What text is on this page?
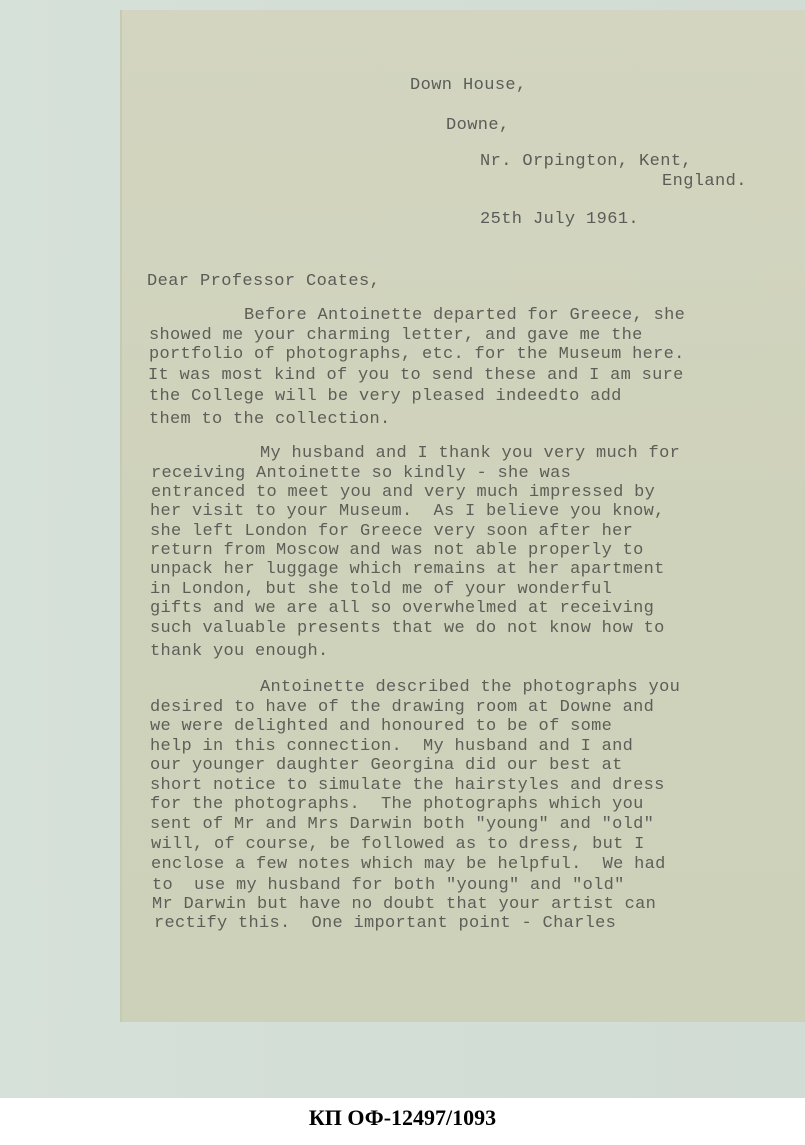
Down House,

Downe,

Nr. Orpington, Kent,

England.

25th July 1961.

Dear Professor Coates,

Before Antoinette departed for Greece, she

showed me your charming letter, and gave me the

portfolio of photographs, etc. for the Museum here.

It was most kind of you to send these and I am sure

the College will be very pleased indeedto add

them to the collection.

My husband and I thank you very much for

receiving Antoinette so kindly - she was

entranced to meet you and very much impressed by

her visit to your Museum.  As I believe you know,

she left London for Greece very soon after her

return from Moscow and was not able properly to

unpack her luggage which remains at her apartment

in London, but she told me of your wonderful

gifts and we are all so overwhelmed at receiving

such valuable presents that we do not know how to

thank you enough.

Antoinette described the photographs you

desired to have of the drawing room at Downe and

we were delighted and honoured to be of some

help in this connection.  My husband and I and

our younger daughter Georgina did our best at

short notice to simulate the hairstyles and dress

for the photographs.  The photographs which you

sent of Mr and Mrs Darwin both "young" and "old"

will, of course, be followed as to dress, but I

enclose a few notes which may be helpful.  We had

to  use my husband for both "young" and "old"

Mr Darwin but have no doubt that your artist can

rectify this.  One important point - Charles

КП ОФ-12497/1093
